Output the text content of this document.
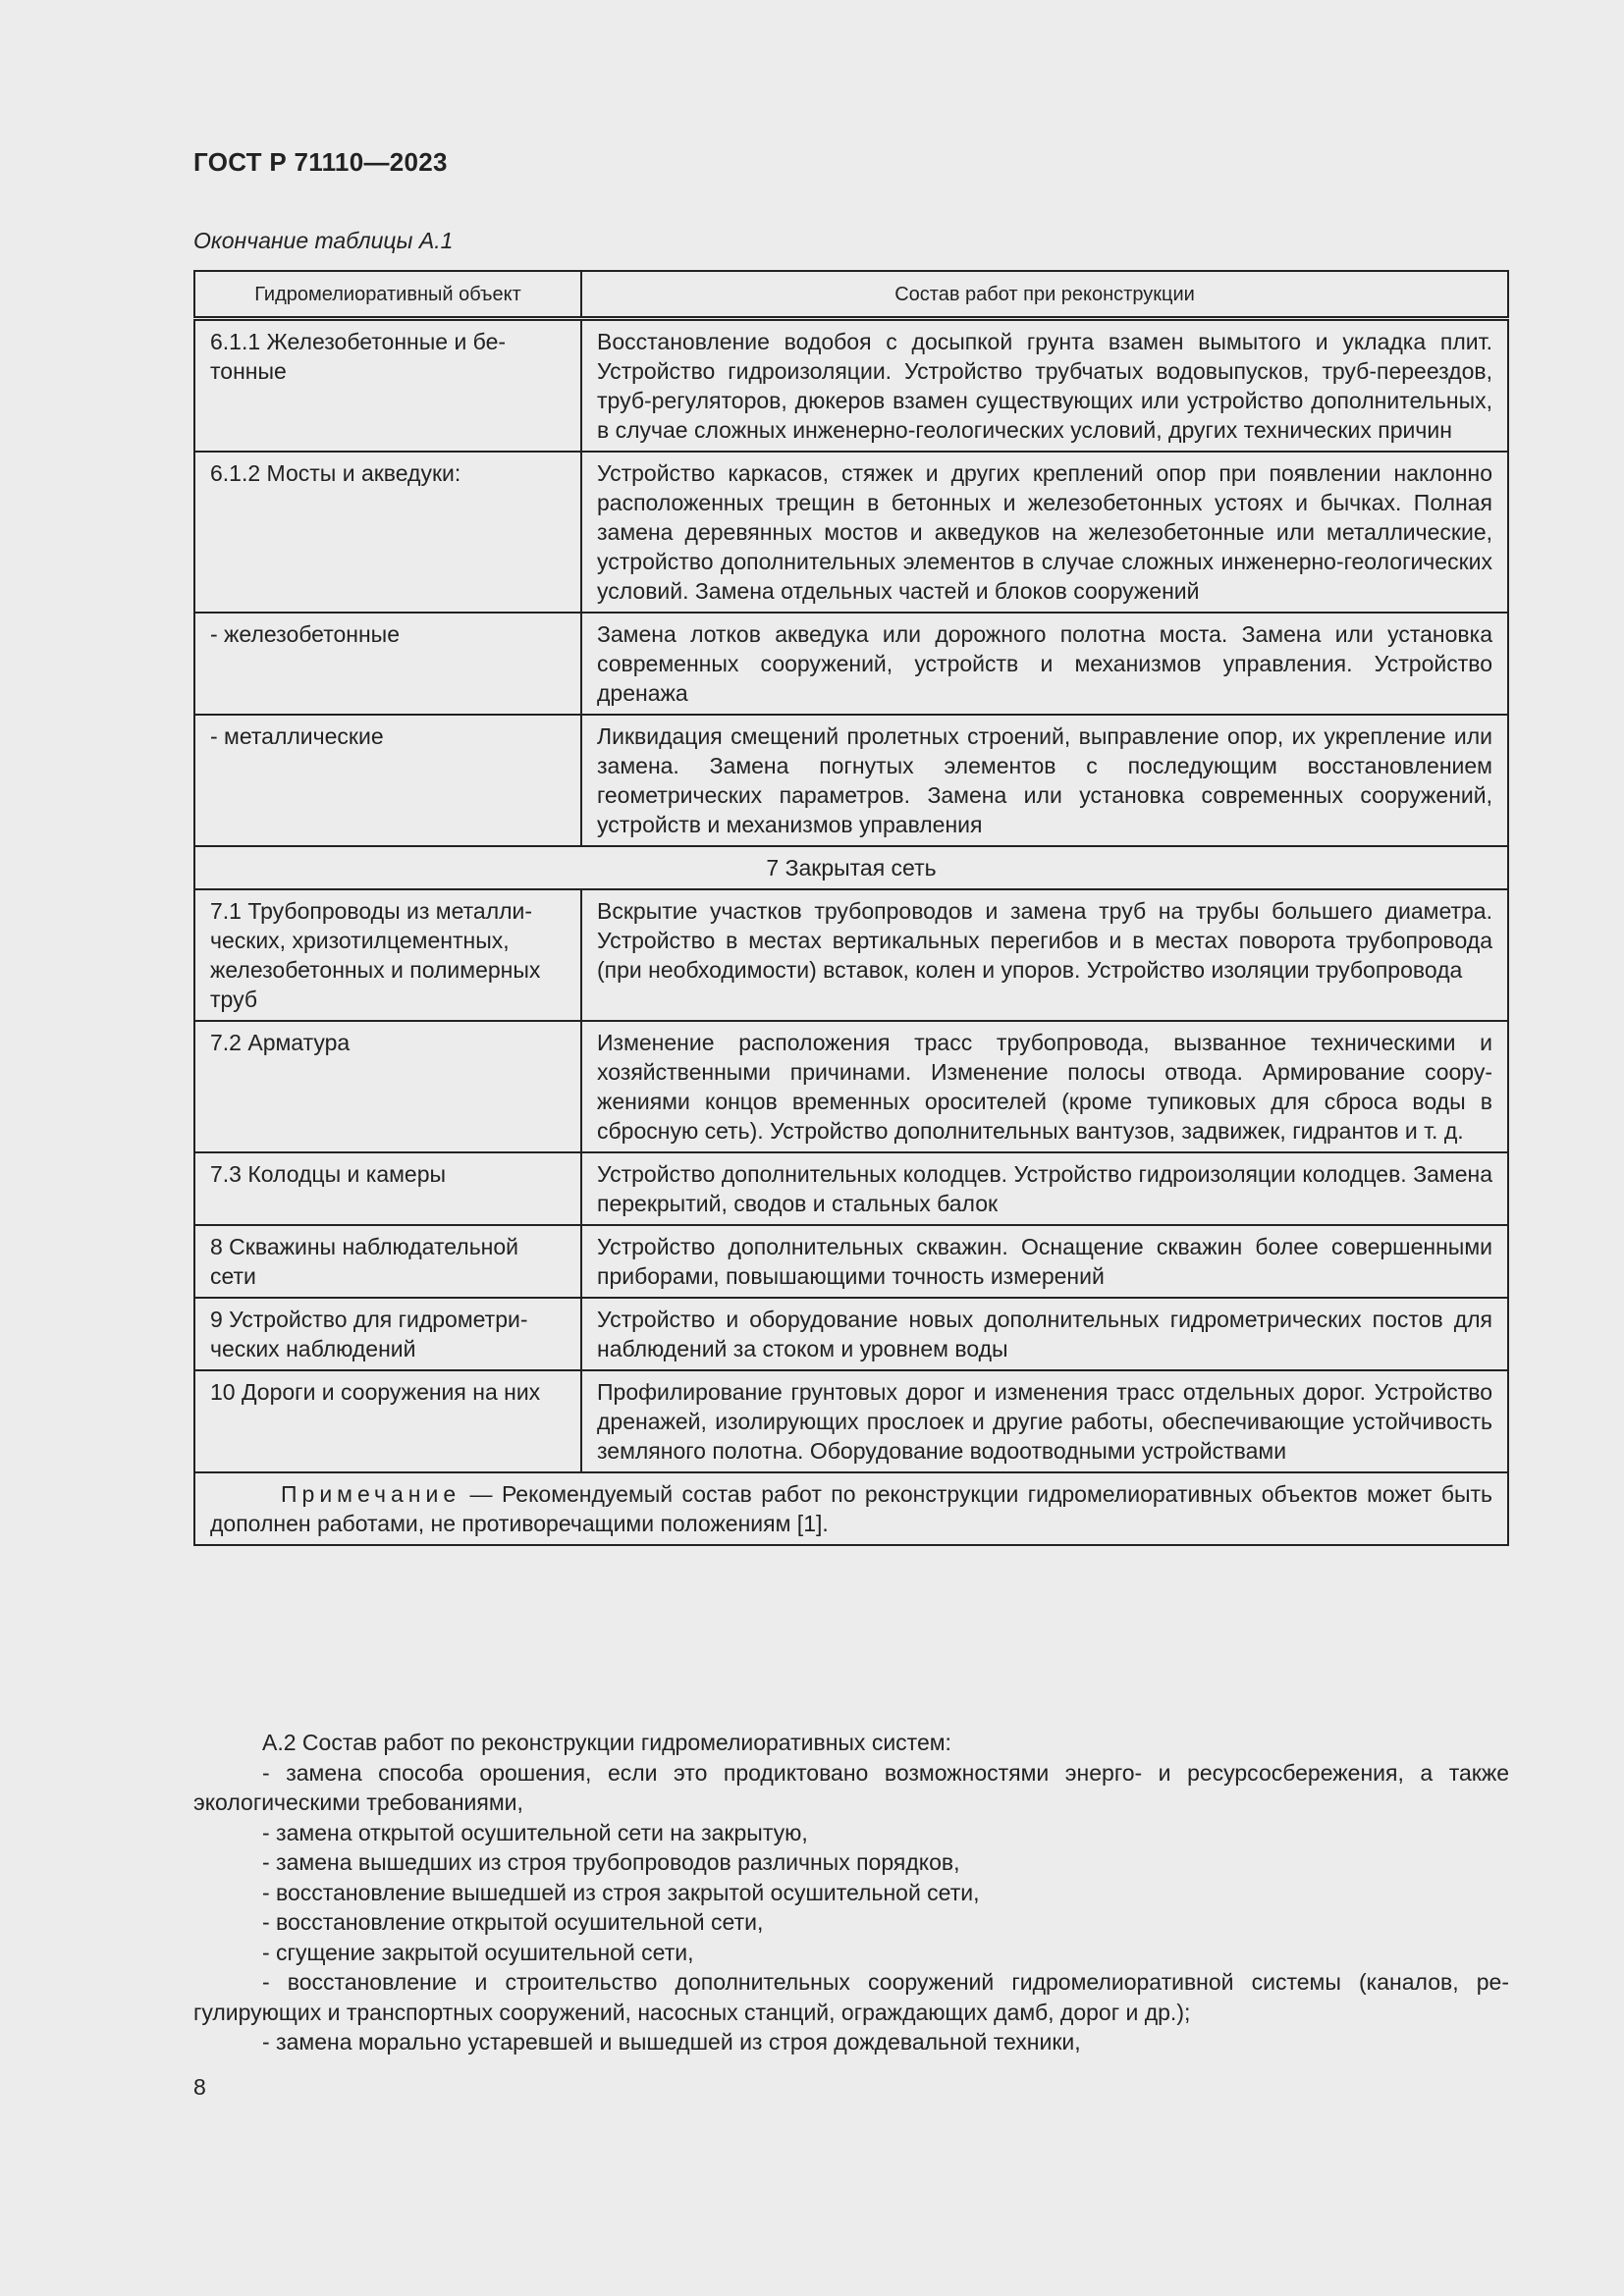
ГОСТ Р 71110—2023
Окончание таблицы А.1
Гидромелиоративный объект	Состав работ при реконструкции
6.1.1 Железобетонные и бетонные	Восстановление водобоя с досыпкой грунта взамен вымытого и укладка плит. Устройство гидроизоляции. Устройство трубчатых водовыпусков, труб-переездов, труб-регуляторов, дюкеров взамен существующих или устройство дополнительных, в случае сложных инженерно-геологических условий, других технических причин
6.1.2 Мосты и акведуки:	Устройство каркасов, стяжек и других креплений опор при появлении наклонно расположенных трещин в бетонных и железобетонных устоях и бычках. Полная замена деревянных мостов и акведуков на железобетонные или металлические, устройство дополнительных элементов в случае сложных инженерно-геологических условий. Замена отдельных частей и блоков сооружений
- железобетонные	Замена лотков акведука или дорожного полотна моста. Замена или установка современных сооружений, устройств и механизмов управления. Устройство дренажа
- металлические	Ликвидация смещений пролетных строений, выправление опор, их укрепление или замена. Замена погнутых элементов с последующим восстановлением геометрических параметров. Замена или установка современных сооружений, устройств и механизмов управления
7 Закрытая сеть	
7.1 Трубопроводы из металлических, хризотилцементных, железобетонных и полимерных труб	Вскрытие участков трубопроводов и замена труб на трубы большего диаметра. Устройство в местах вертикальных перегибов и в местах поворота трубопровода (при необходимости) вставок, колен и упоров. Устройство изоляции трубопровода
7.2 Арматура	Изменение расположения трасс трубопровода, вызванное техническими и хозяйственными причинами. Изменение полосы отвода. Армирование сооружениями концов временных оросителей (кроме тупиковых для сброса воды в сбросную сеть). Устройство дополнительных вантузов, задвижек, гидрантов и т. д.
7.3 Колодцы и камеры	Устройство дополнительных колодцев. Устройство гидроизоляции колодцев. Замена перекрытий, сводов и стальных балок
8 Скважины наблюдательной сети	Устройство дополнительных скважин. Оснащение скважин более совершенными приборами, повышающими точность измерений
9 Устройство для гидрометрических наблюдений	Устройство и оборудование новых дополнительных гидрометрических постов для наблюдений за стоком и уровнем воды
10 Дороги и сооружения на них	Профилирование грунтовых дорог и изменения трасс отдельных дорог. Устройство дренажей, изолирующих прослоек и другие работы, обеспечивающие устойчивость земляного полотна. Оборудование водоотводными устройствами

Примечание — Рекомендуемый состав работ по реконструкции гидромелиоративных объектов может быть дополнен работами, не противоречащими положениям [1].	

А.2 Состав работ по реконструкции гидромелиоративных систем:

- замена способа орошения, если это продиктовано возможностями энерго- и ресурсосбережения, а также экологическими требованиями,

- замена открытой осушительной сети на закрытую,

- замена вышедших из строя трубопроводов различных порядков,

- восстановление вышедшей из строя закрытой осушительной сети,

- восстановление открытой осушительной сети,

- сгущение закрытой осушительной сети,

- восстановление и строительство дополнительных сооружений гидромелиоративной системы (каналов, регулирующих и транспортных сооружений, насосных станций, ограждающих дамб, дорог и др.);

- замена морально устаревшей и вышедшей из строя дождевальной техники,

8
